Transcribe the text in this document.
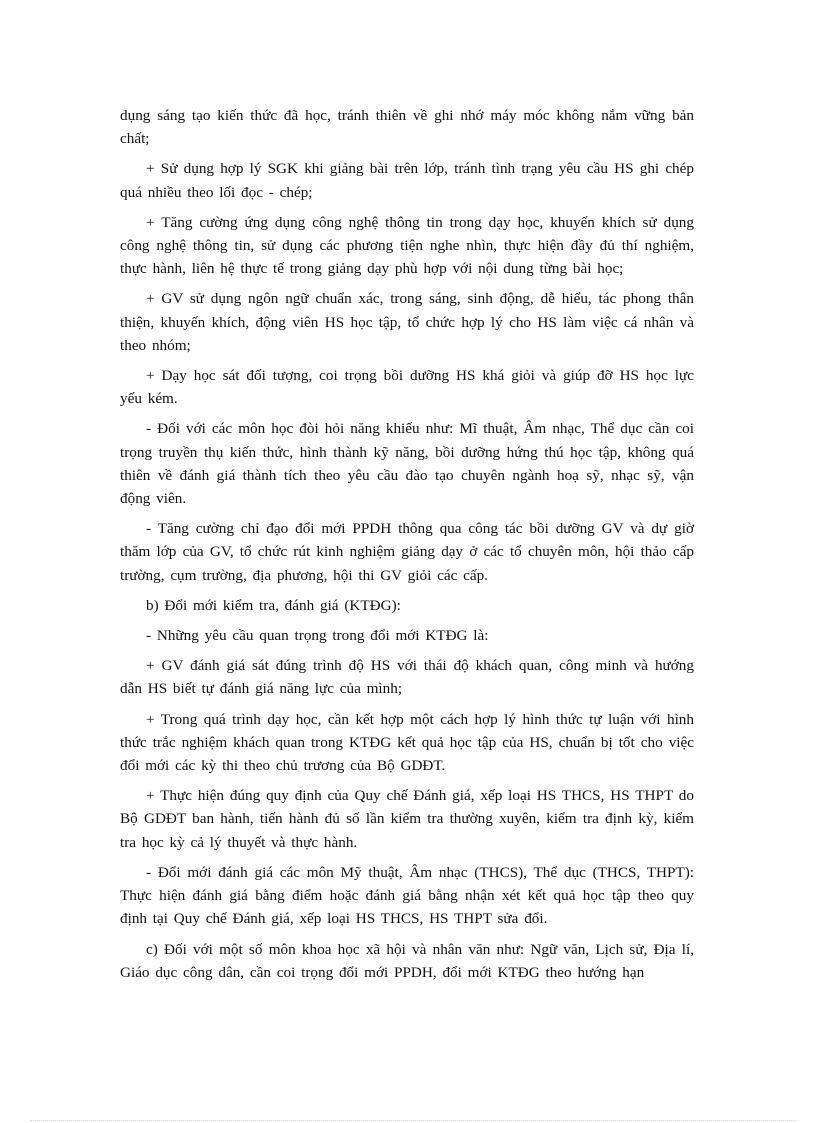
dụng sáng tạo kiến thức đã học, tránh thiên về ghi nhớ máy móc không nắm vững bản chất;

+ Sử dụng hợp lý SGK khi giảng bài trên lớp, tránh tình trạng yêu cầu HS ghi chép quá nhiều theo lối đọc - chép;

+ Tăng cường ứng dụng công nghệ thông tin trong dạy học, khuyến khích sử dụng công nghệ thông tin, sử dụng các phương tiện nghe nhìn, thực hiện đầy đủ thí nghiệm, thực hành, liên hệ thực tế trong giảng dạy phù hợp với nội dung từng bài học;

+ GV sử dụng ngôn ngữ chuẩn xác, trong sáng, sinh động, dễ hiểu, tác phong thân thiện, khuyến khích, động viên HS học tập, tổ chức hợp lý cho HS làm việc cá nhân và theo nhóm;

+ Dạy học sát đối tượng, coi trọng bồi dưỡng HS khá giỏi và giúp đỡ HS học lực yếu kém.

- Đối với các môn học đòi hỏi năng khiếu như: Mĩ thuật, Âm nhạc, Thể dục cần coi trọng truyền thụ kiến thức, hình thành kỹ năng, bồi dưỡng hứng thú học tập, không quá thiên về đánh giá thành tích theo yêu cầu đào tạo chuyên ngành hoạ sỹ, nhạc sỹ, vận động viên.

- Tăng cường chỉ đạo đổi mới PPDH thông qua công tác bồi dưỡng GV và dự giờ thăm lớp của GV, tổ chức rút kinh nghiệm giảng dạy ở các tổ chuyên môn, hội thảo cấp trường, cụm trường, địa phương, hội thi GV giỏi các cấp.

b) Đổi mới kiểm tra, đánh giá (KTĐG):

- Những yêu cầu quan trọng trong đổi mới KTĐG là:

+ GV đánh giá sát đúng trình độ HS với thái độ khách quan, công minh và hướng dẫn HS biết tự đánh giá năng lực của mình;

+ Trong quá trình dạy học, cần kết hợp một cách hợp lý hình thức tự luận với hình thức trắc nghiệm khách quan trong KTĐG kết quả học tập của HS, chuẩn bị tốt cho việc đổi mới các kỳ thi theo chủ trương của Bộ GDĐT.

+ Thực hiện đúng quy định của Quy chế Đánh giá, xếp loại HS THCS, HS THPT do Bộ GDĐT ban hành, tiến hành đủ số lần kiểm tra thường xuyên, kiểm tra định kỳ, kiểm tra học kỳ cả lý thuyết và thực hành.

- Đổi mới đánh giá các môn Mỹ thuật, Âm nhạc (THCS), Thể dục (THCS, THPT): Thực hiện đánh giá bằng điểm hoặc đánh giá bằng nhận xét kết quả học tập theo quy định tại Quy chế Đánh giá, xếp loại HS THCS, HS THPT sửa đổi.

c) Đối với một số môn khoa học xã hội và nhân văn như: Ngữ văn, Lịch sử, Địa lí, Giáo dục công dân, cần coi trọng đổi mới PPDH, đổi mới KTĐG theo hướng hạn
